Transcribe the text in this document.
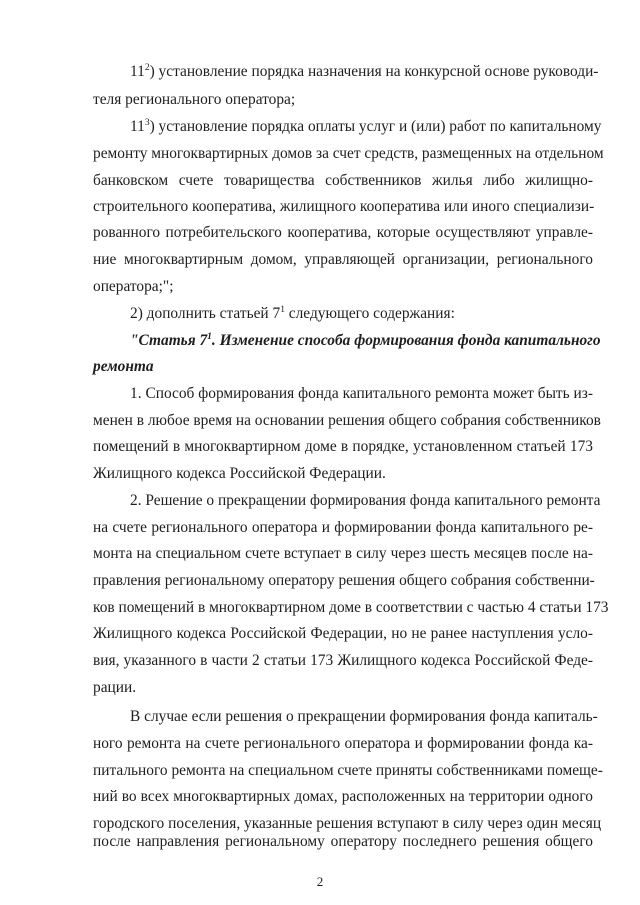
$11^2$) установление порядка назначения на конкурсной основе руководи-
теля регионального оператора;
$11^3$) установление порядка оплаты услуг и (или) работ по капитальному
ремонту многоквартирных домов за счет средств, размещенных на отдельном
банковском счете товарищества собственников жилья либо жилищно-
строительного кооператива, жилищного кооператива или иного специализи-
рованного потребительского кооператива, которые осуществляют управле-
ние многоквартирным домом, управляющей организации, регионального
оператора;";
2) дополнить статьей $7^1$ следующего содержания:
"Статья $7^1$. Изменение способа формирования фонда капитального
ремонта
1. Способ формирования фонда капитального ремонта может быть из-
менен в любое время на основании решения общего собрания собственников
помещений в многоквартирном доме в порядке, установленном статьей 173
Жилищного кодекса Российской Федерации.
2. Решение о прекращении формирования фонда капитального ремонта
на счете регионального оператора и формировании фонда капитального ре-
монта на специальном счете вступает в силу через шесть месяцев после на-
правления региональному оператору решения общего собрания собственни-
ков помещений в многоквартирном доме в соответствии с частью 4 статьи 173
Жилищного кодекса Российской Федерации, но не ранее наступления усло-
вия, указанного в части 2 статьи 173 Жилищного кодекса Российской Феде-
рации.
В случае если решения о прекращении формирования фонда капиталь-
ного ремонта на счете регионального оператора и формировании фонда ка-
питального ремонта на специальном счете приняты собственниками помеще-
ний во всех многоквартирных домах, расположенных на территории одного
городского поселения, указанные решения вступают в силу через один месяц
после направления региональному оператору последнего решения общего
2
